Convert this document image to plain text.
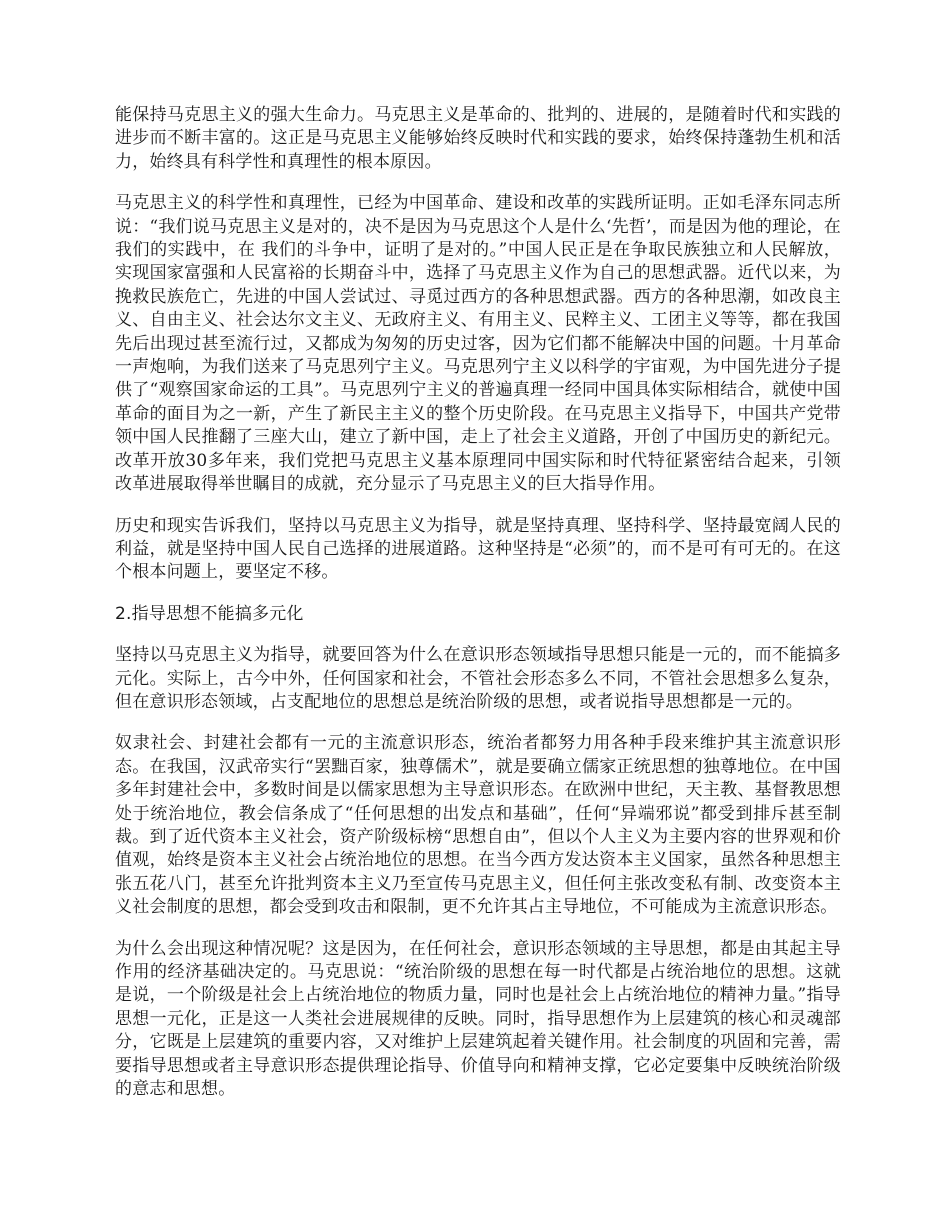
能保持马克思主义的强大生命力。马克思主义是革命的、批判的、进展的，是随着时代和实践的进步而不断丰富的。这正是马克思主义能够始终反映时代和实践的要求，始终保持蓬勃生机和活力，始终具有科学性和真理性的根本原因。

马克思主义的科学性和真理性，已经为中国革命、建设和改革的实践所证明。正如毛泽东同志所说：“我们说马克思主义是对的，决不是因为马克思这个人是什么‘先哲’，而是因为他的理论，在我们的实践中，在 我们的斗争中，证明了是对的。”中国人民正是在争取民族独立和人民解放，实现国家富强和人民富裕的长期奋斗中，选择了马克思主义作为自己的思想武器。近代以来，为挽救民族危亡，先进的中国人尝试过、寻觅过西方的各种思想武器。西方的各种思潮，如改良主义、自由主义、社会达尔文主义、无政府主义、有用主义、民粹主义、工团主义等等，都在我国先后出现过甚至流行过，又都成为匆匆的历史过客，因为它们都不能解决中国的问题。十月革命一声炮响，为我们送来了马克思列宁主义。马克思列宁主义以科学的宇宙观，为中国先进分子提供了“观察国家命运的工具”。马克思列宁主义的普遍真理一经同中国具体实际相结合，就使中国革命的面目为之一新，产生了新民主主义的整个历史阶段。在马克思主义指导下，中国共产党带领中国人民推翻了三座大山，建立了新中国，走上了社会主义道路，开创了中国历史的新纪元。改革开放30多年来，我们党把马克思主义基本原理同中国实际和时代特征紧密结合起来，引领改革进展取得举世瞩目的成就，充分显示了马克思主义的巨大指导作用。

历史和现实告诉我们，坚持以马克思主义为指导，就是坚持真理、坚持科学、坚持最宽阔人民的利益，就是坚持中国人民自己选择的进展道路。这种坚持是“必须”的，而不是可有可无的。在这个根本问题上，要坚定不移。

2.指导思想不能搞多元化

坚持以马克思主义为指导，就要回答为什么在意识形态领域指导思想只能是一元的，而不能搞多元化。实际上，古今中外，任何国家和社会，不管社会形态多么不同，不管社会思想多么复杂，但在意识形态领域，占支配地位的思想总是统治阶级的思想，或者说指导思想都是一元的。

奴隶社会、封建社会都有一元的主流意识形态，统治者都努力用各种手段来维护其主流意识形态。在我国，汉武帝实行“罢黜百家，独尊儒术”，就是要确立儒家正统思想的独尊地位。在中国多年封建社会中，多数时间是以儒家思想为主导意识形态。在欧洲中世纪，天主教、基督教思想处于统治地位，教会信条成了“任何思想的出发点和基础”，任何“异端邪说”都受到排斥甚至制裁。到了近代资本主义社会，资产阶级标榜“思想自由”，但以个人主义为主要内容的世界观和价值观，始终是资本主义社会占统治地位的思想。在当今西方发达资本主义国家，虽然各种思想主张五花八门，甚至允许批判资本主义乃至宣传马克思主义，但任何主张改变私有制、改变资本主义社会制度的思想，都会受到攻击和限制，更不允许其占主导地位，不可能成为主流意识形态。

为什么会出现这种情况呢？这是因为，在任何社会，意识形态领域的主导思想，都是由其起主导作用的经济基础决定的。马克思说：“统治阶级的思想在每一时代都是占统治地位的思想。这就是说，一个阶级是社会上占统治地位的物质力量，同时也是社会上占统治地位的精神力量。”指导思想一元化，正是这一人类社会进展规律的反映。同时，指导思想作为上层建筑的核心和灵魂部分，它既是上层建筑的重要内容，又对维护上层建筑起着关键作用。社会制度的巩固和完善，需要指导思想或者主导意识形态提供理论指导、价值导向和精神支撑，它必定要集中反映统治阶级的意志和思想。
